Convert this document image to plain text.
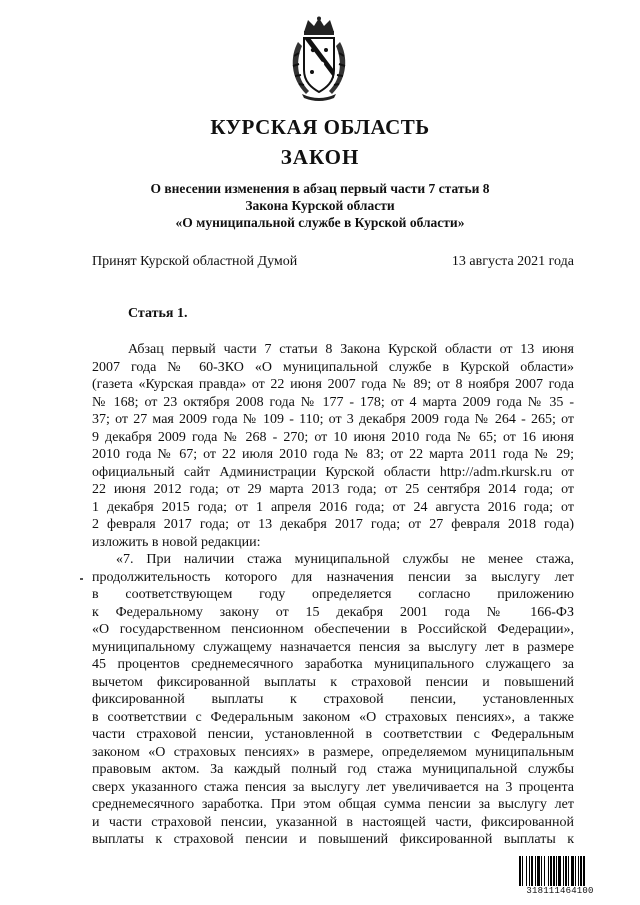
КУРСКАЯ ОБЛАСТЬ
ЗАКОН
О внесении изменения в абзац первый части 7 статьи 8
Закона Курской области
«О муниципальной службе в Курской области»
Принят Курской областной Думой	13 августа 2021 года
Статья 1.
Абзац первый части 7 статьи 8 Закона Курской области от 13 июня
2007 года № 60-ЗКО «О муниципальной службе в Курской области»
(газета «Курская правда» от 22 июня 2007 года № 89; от 8 ноября 2007 года
№ 168; от 23 октября 2008 года № 177 - 178; от 4 марта 2009 года № 35 -
37; от 27 мая 2009 года № 109 - 110; от 3 декабря 2009 года № 264 - 265; от
9 декабря 2009 года № 268 - 270; от 10 июня 2010 года № 65; от 16 июня
2010 года № 67; от 22 июля 2010 года № 83; от 22 марта 2011 года № 29;
официальный сайт Администрации Курской области http://adm.rkursk.ru от
22 июня 2012 года; от 29 марта 2013 года; от 25 сентября 2014 года; от
1 декабря 2015 года; от 1 апреля 2016 года; от 24 августа 2016 года; от
2 февраля 2017 года; от 13 декабря 2017 года; от 27 февраля 2018 года)
изложить в новой редакции:
«7. При наличии стажа муниципальной службы не менее стажа,
продолжительность которого для назначения пенсии за выслугу лет
в соответствующем году определяется согласно приложению
к Федеральному закону от 15 декабря 2001 года № 166-ФЗ
«О государственном пенсионном обеспечении в Российской Федерации»,
муниципальному служащему назначается пенсия за выслугу лет в размере
45 процентов среднемесячного заработка муниципального служащего за
вычетом фиксированной выплаты к страховой пенсии и повышений
фиксированной выплаты к страховой пенсии, установленных
в соответствии с Федеральным законом «О страховых пенсиях», а также
части страховой пенсии, установленной в соответствии с Федеральным
законом «О страховых пенсиях» в размере, определяемом муниципальным
правовым актом. За каждый полный год стажа муниципальной службы
сверх указанного стажа пенсия за выслугу лет увеличивается на 3 процента
среднемесячного заработка. При этом общая сумма пенсии за выслугу лет
и части страховой пенсии, указанной в настоящей части, фиксированной
выплаты к страховой пенсии и повышений фиксированной выплаты к
318111464100
